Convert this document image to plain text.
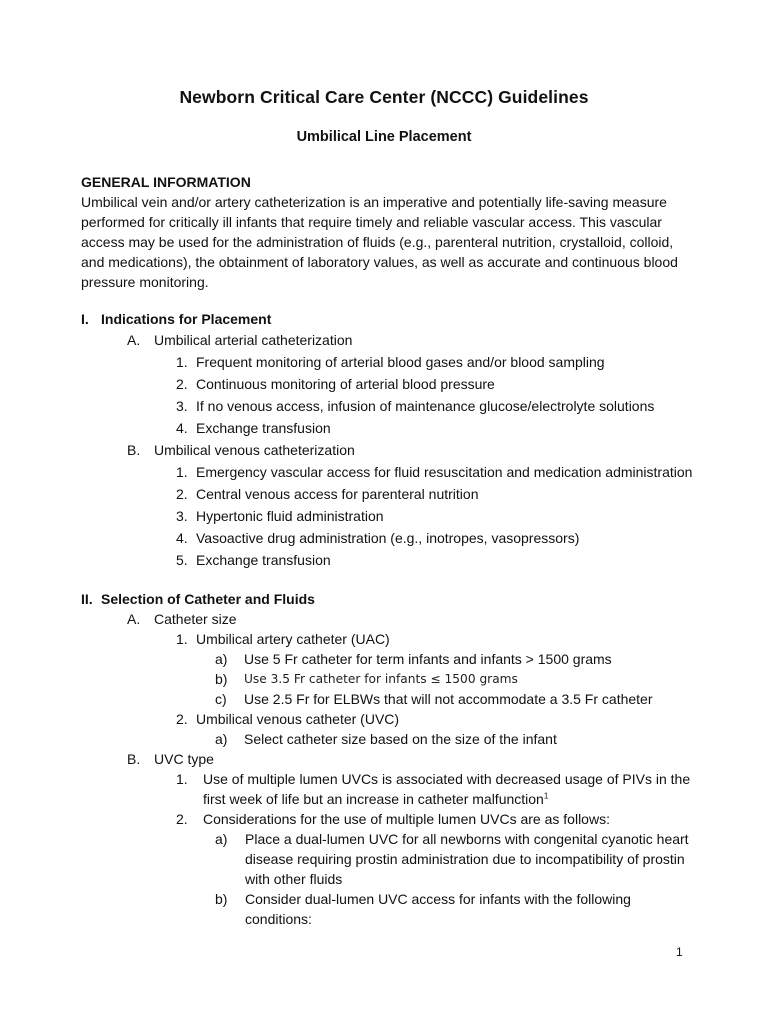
Newborn Critical Care Center (NCCC) Guidelines
Umbilical Line Placement
GENERAL INFORMATION
Umbilical vein and/or artery catheterization is an imperative and potentially life-saving measure
performed for critically ill infants that require timely and reliable vascular access. This vascular
access may be used for the administration of fluids (e.g., parenteral nutrition, crystalloid, colloid,
and medications), the obtainment of laboratory values, as well as accurate and continuous blood
pressure monitoring.
I. Indications for Placement
A. Umbilical arterial catheterization
1. Frequent monitoring of arterial blood gases and/or blood sampling
2. Continuous monitoring of arterial blood pressure
3. If no venous access, infusion of maintenance glucose/electrolyte solutions
4. Exchange transfusion
B. Umbilical venous catheterization
1. Emergency vascular access for fluid resuscitation and medication administration
2. Central venous access for parenteral nutrition
3. Hypertonic fluid administration
4. Vasoactive drug administration (e.g., inotropes, vasopressors)
5. Exchange transfusion
II. Selection of Catheter and Fluids
A. Catheter size
1. Umbilical artery catheter (UAC)
a)	Use 5 Fr catheter for term infants and infants > 1500 grams
b)	Use 3.5 Fr catheter for infants ≤ 1500 grams
c)	Use 2.5 Fr for ELBWs that will not accommodate a 3.5 Fr catheter
2. Umbilical venous catheter (UVC)
a)	Select catheter size based on the size of the infant
B. UVC type
1.	Use of multiple lumen UVCs is associated with decreased usage of PIVs in the
first week of life but an increase in catheter malfunction$^1$
2.	Considerations for the use of multiple lumen UVCs are as follows:
a)	Place a dual-lumen UVC for all newborns with congenital cyanotic heart
disease requiring prostin administration due to incompatibility of prostin
with other fluids
b)	Consider dual-lumen UVC access for infants with the following
conditions:
1
